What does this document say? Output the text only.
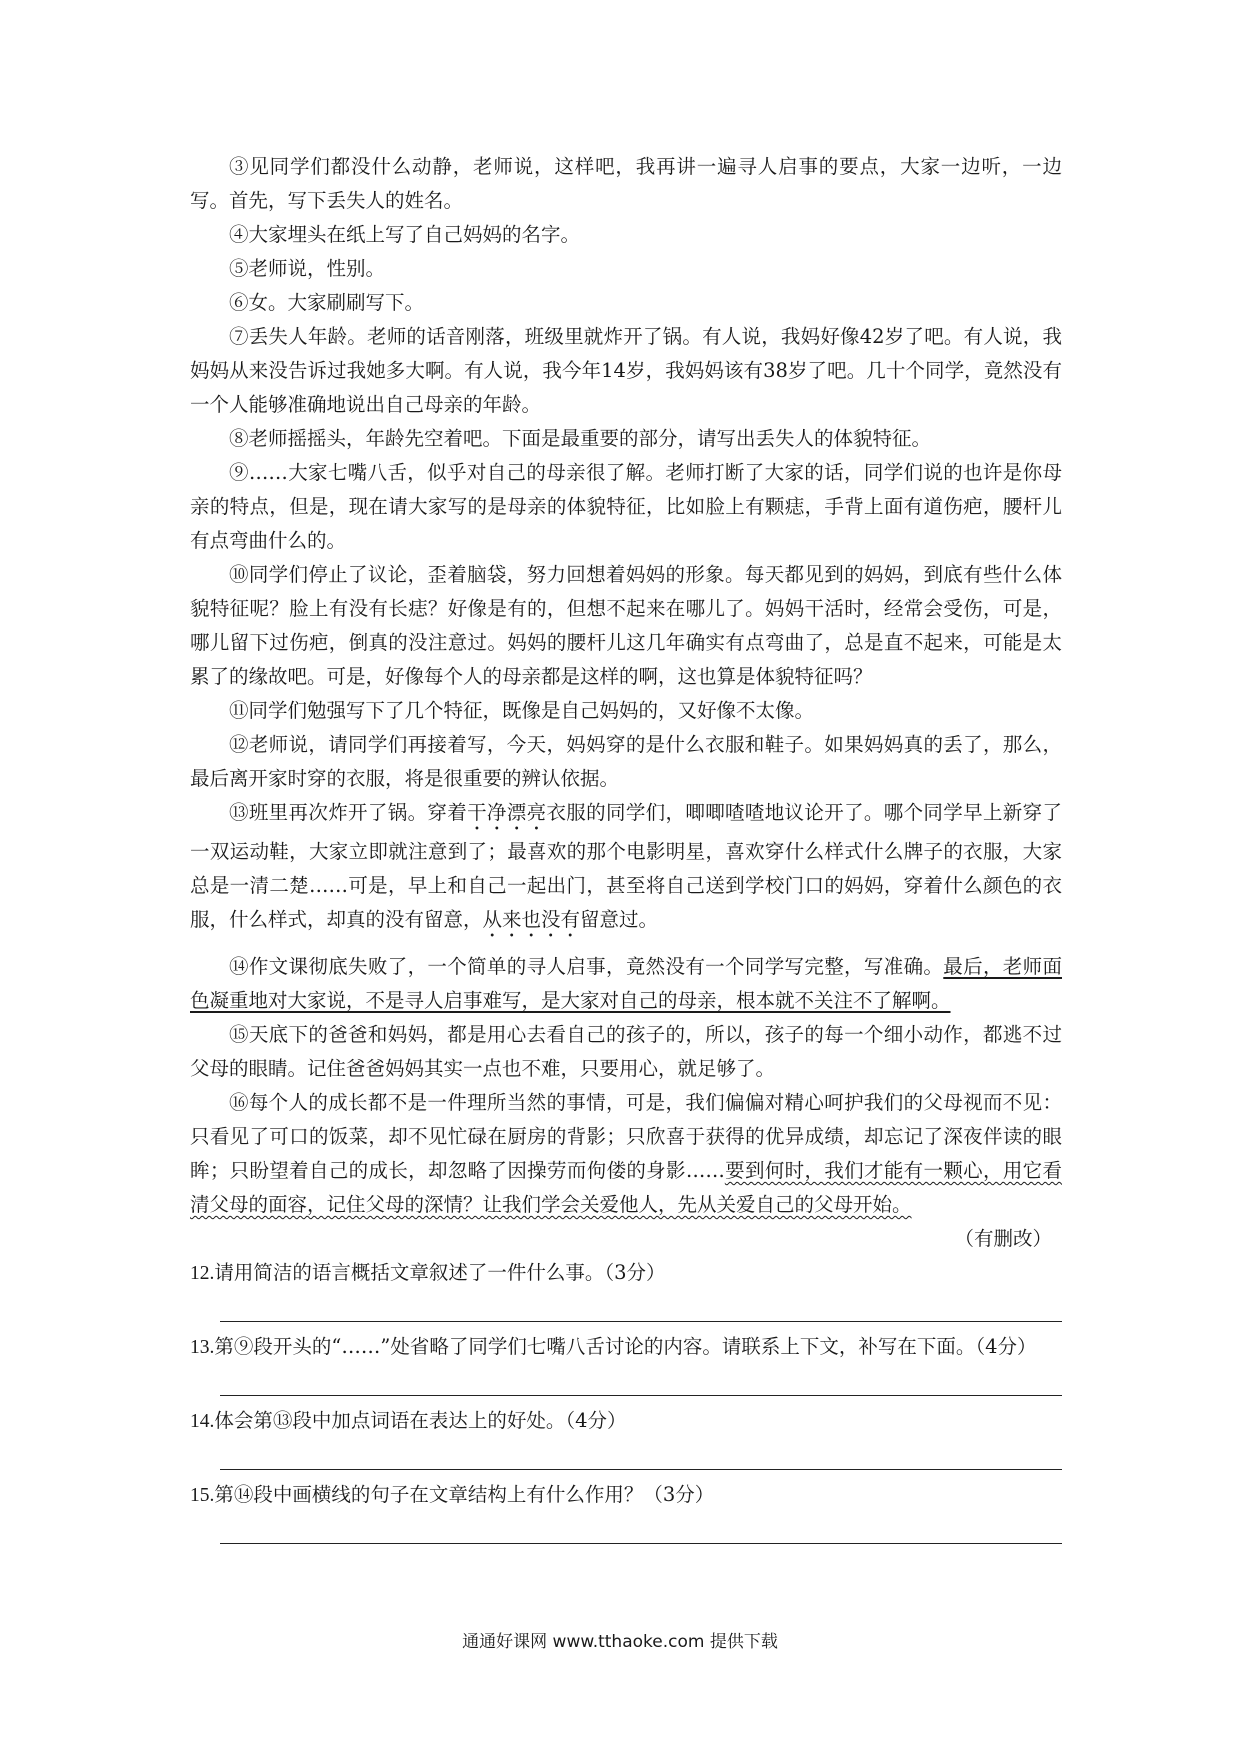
③见同学们都没什么动静，老师说，这样吧，我再讲一遍寻人启事的要点，大家一边听，一边写。首先，写下丢失人的姓名。

④大家埋头在纸上写了自己妈妈的名字。

⑤老师说，性别。

⑥女。大家刷刷写下。

⑦丢失人年龄。老师的话音刚落，班级里就炸开了锅。有人说，我妈好像42岁了吧。有人说，我妈妈从来没告诉过我她多大啊。有人说，我今年14岁，我妈妈该有38岁了吧。几十个同学，竟然没有一个人能够准确地说出自己母亲的年龄。

⑧老师摇摇头，年龄先空着吧。下面是最重要的部分，请写出丢失人的体貌特征。

⑨……大家七嘴八舌，似乎对自己的母亲很了解。老师打断了大家的话，同学们说的也许是你母亲的特点，但是，现在请大家写的是母亲的体貌特征，比如脸上有颗痣，手背上面有道伤疤，腰杆儿有点弯曲什么的。

⑩同学们停止了议论，歪着脑袋，努力回想着妈妈的形象。每天都见到的妈妈，到底有些什么体貌特征呢？脸上有没有长痣？好像是有的，但想不起来在哪儿了。妈妈干活时，经常会受伤，可是，哪儿留下过伤疤，倒真的没注意过。妈妈的腰杆儿这几年确实有点弯曲了，总是直不起来，可能是太累了的缘故吧。可是，好像每个人的母亲都是这样的啊，这也算是体貌特征吗？

⑪同学们勉强写下了几个特征，既像是自己妈妈的，又好像不太像。

⑫老师说，请同学们再接着写，今天，妈妈穿的是什么衣服和鞋子。如果妈妈真的丢了，那么，最后离开家时穿的衣服，将是很重要的辨认依据。

⑬班里再次炸开了锅。穿着干净漂亮衣服的同学们，唧唧喳喳地议论开了。哪个同学早上新穿了一双运动鞋，大家立即就注意到了；最喜欢的那个电影明星，喜欢穿什么样式什么牌子的衣服，大家总是一清二楚……可是，早上和自己一起出门，甚至将自己送到学校门口的妈妈，穿着什么颜色的衣服，什么样式，却真的没有留意，从来也没有留意过。

⑭作文课彻底失败了，一个简单的寻人启事，竟然没有一个同学写完整，写准确。最后，老师面色凝重地对大家说，不是寻人启事难写，是大家对自己的母亲，根本就不关注不了解啊。

⑮天底下的爸爸和妈妈，都是用心去看自己的孩子的，所以，孩子的每一个细小动作，都逃不过父母的眼睛。记住爸爸妈妈其实一点也不难，只要用心，就足够了。

⑯每个人的成长都不是一件理所当然的事情，可是，我们偏偏对精心呵护我们的父母视而不见：只看见了可口的饭菜，却不见忙碌在厨房的背影；只欣喜于获得的优异成绩，却忘记了深夜伴读的眼眸；只盼望着自己的成长，却忽略了因操劳而佝偻的身影……要到何时，我们才能有一颗心，用它看清父母的面容，记住父母的深情？让我们学会关爱他人，先从关爱自己的父母开始。

（有删改）

12.请用简洁的语言概括文章叙述了一件什么事。（3分）

13.第⑨段开头的“……”处省略了同学们七嘴八舌讨论的内容。请联系上下文，补写在下面。（4分）

14.体会第⑬段中加点词语在表达上的好处。（4分）

15.第⑭段中画横线的句子在文章结构上有什么作用？（3分）

通通好课网 www.tthaoke.com 提供下载
